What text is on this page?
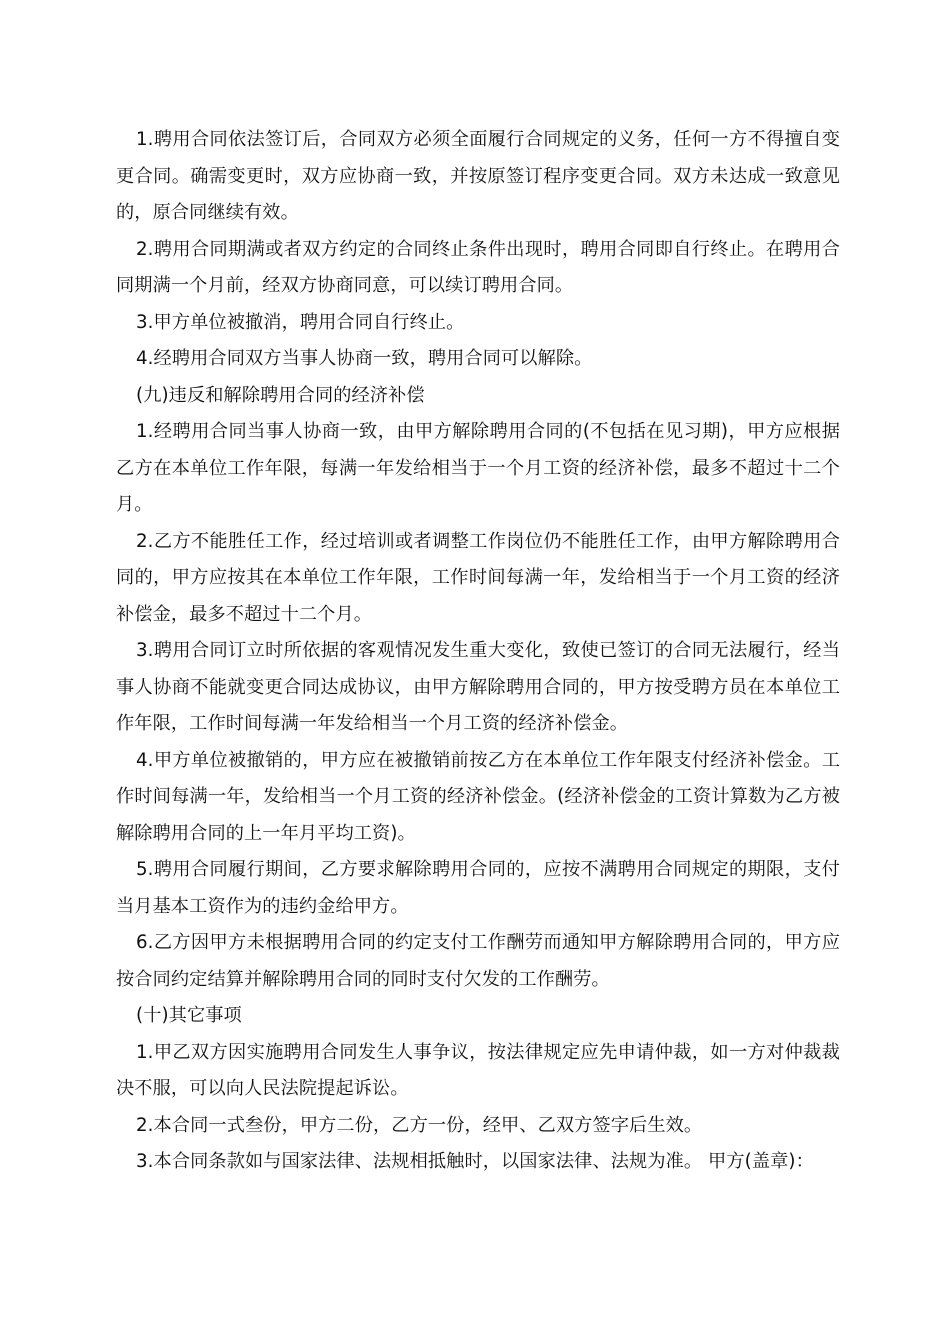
1.聘用合同依法签订后，合同双方必须全面履行合同规定的义务，任何一方不得擅自变更合同。确需变更时，双方应协商一致，并按原签订程序变更合同。双方未达成一致意见的，原合同继续有效。

2.聘用合同期满或者双方约定的合同终止条件出现时，聘用合同即自行终止。在聘用合同期满一个月前，经双方协商同意，可以续订聘用合同。

3.甲方单位被撤消，聘用合同自行终止。

4.经聘用合同双方当事人协商一致，聘用合同可以解除。

(九)违反和解除聘用合同的经济补偿

1.经聘用合同当事人协商一致，由甲方解除聘用合同的(不包括在见习期)，甲方应根据乙方在本单位工作年限，每满一年发给相当于一个月工资的经济补偿，最多不超过十二个月。

2.乙方不能胜任工作，经过培训或者调整工作岗位仍不能胜任工作，由甲方解除聘用合同的，甲方应按其在本单位工作年限，工作时间每满一年，发给相当于一个月工资的经济补偿金，最多不超过十二个月。

3.聘用合同订立时所依据的客观情况发生重大变化，致使已签订的合同无法履行，经当事人协商不能就变更合同达成协议，由甲方解除聘用合同的，甲方按受聘方员在本单位工作年限，工作时间每满一年发给相当一个月工资的经济补偿金。

4.甲方单位被撤销的，甲方应在被撤销前按乙方在本单位工作年限支付经济补偿金。工作时间每满一年，发给相当一个月工资的经济补偿金。(经济补偿金的工资计算数为乙方被解除聘用合同的上一年月平均工资)。

5.聘用合同履行期间，乙方要求解除聘用合同的，应按不满聘用合同规定的期限，支付当月基本工资作为的违约金给甲方。

6.乙方因甲方未根据聘用合同的约定支付工作酬劳而通知甲方解除聘用合同的，甲方应按合同约定结算并解除聘用合同的同时支付欠发的工作酬劳。

(十)其它事项

1.甲乙双方因实施聘用合同发生人事争议，按法律规定应先申请仲裁，如一方对仲裁裁决不服，可以向人民法院提起诉讼。

2.本合同一式叁份，甲方二份，乙方一份，经甲、乙双方签字后生效。

3.本合同条款如与国家法律、法规相抵触时，以国家法律、法规为准。 甲方(盖章)：
